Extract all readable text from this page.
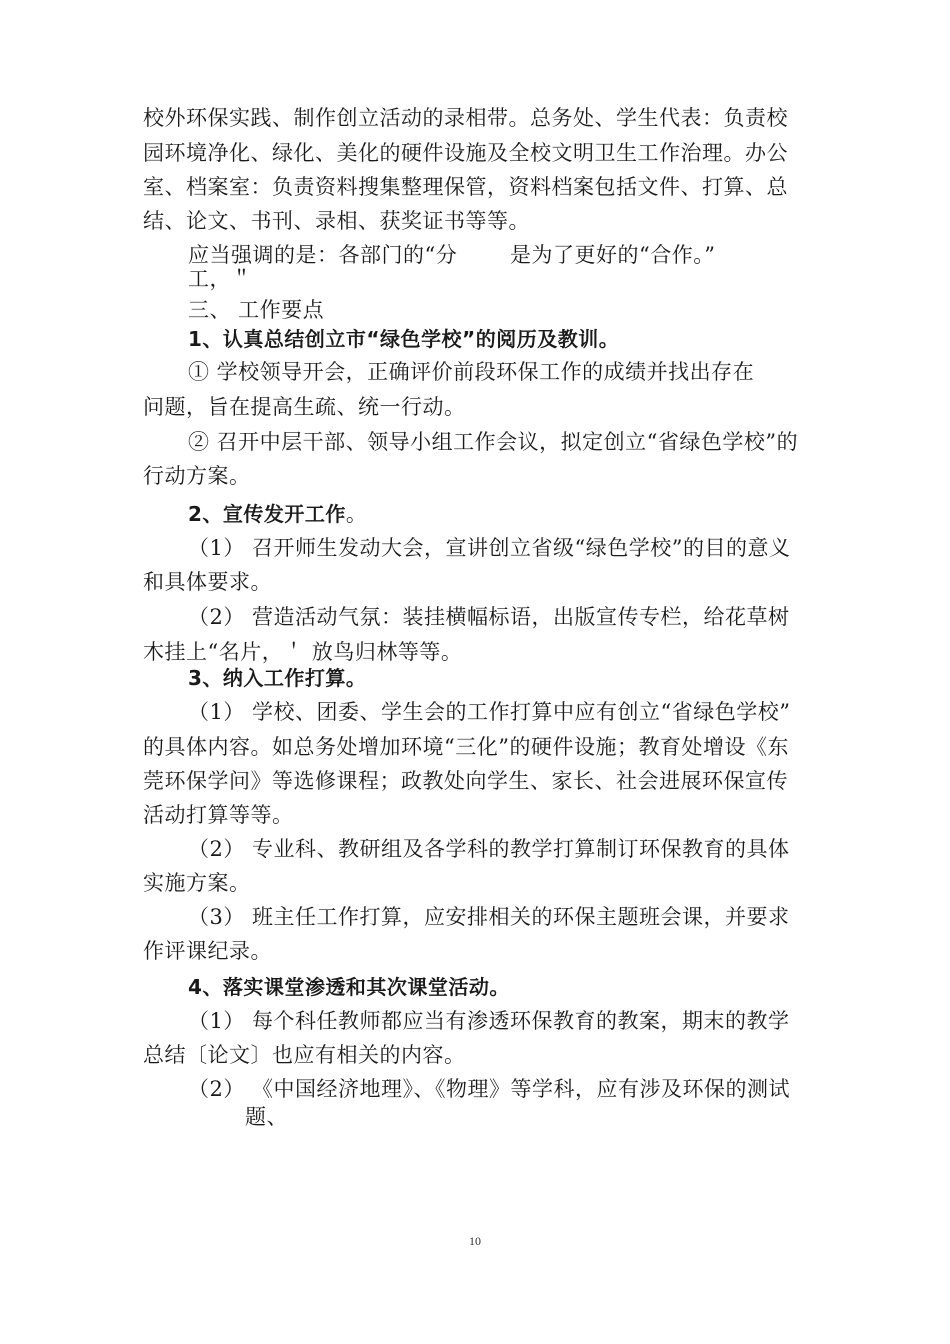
校外环保实践、制作创立活动的录相带。总务处、学生代表：负责校
园环境净化、绿化、美化的硬件设施及全校文明卫生工作治理。办公
室、档案室：负责资料搜集整理保管，资料档案包括文件、打算、总
结、论文、书刊、录相、获奖证书等等。
应当强调的是：各部门的“分	是为了更好的“合作。”
工，＂
三、 工作要点
1、认真总结创立市“绿色学校”的阅历及教训。
① 学校领导开会，正确评价前段环保工作的成绩并找出存在
问题，旨在提高生疏、统一行动。
② 召开中层干部、领导小组工作会议，拟定创立“省绿色学校”的
行动方案。
2、宣传发开工作。
（1） 召开师生发动大会，宣讲创立省级“绿色学校”的目的意义
和具体要求。
（2） 营造活动气氛：装挂横幅标语，出版宣传专栏，给花草树
木挂上“名片，＇ 放鸟归林等等。
3、纳入工作打算。
（1） 学校、团委、学生会的工作打算中应有创立“省绿色学校”
的具体内容。如总务处增加环境“三化”的硬件设施；教育处增设《东
莞环保学问》等选修课程；政教处向学生、家长、社会进展环保宣传
活动打算等等。
（2） 专业科、教研组及各学科的教学打算制订环保教育的具体
实施方案。
（3） 班主任工作打算，应安排相关的环保主题班会课，并要求
作评课纪录。
4、落实课堂渗透和其次课堂活动。
（1） 每个科任教师都应当有渗透环保教育的教案，期末的教学
总结〔论文〕也应有相关的内容。
（2） 《中国经济地理》、《物理》等学科，应有涉及环保的测试
题、
10
